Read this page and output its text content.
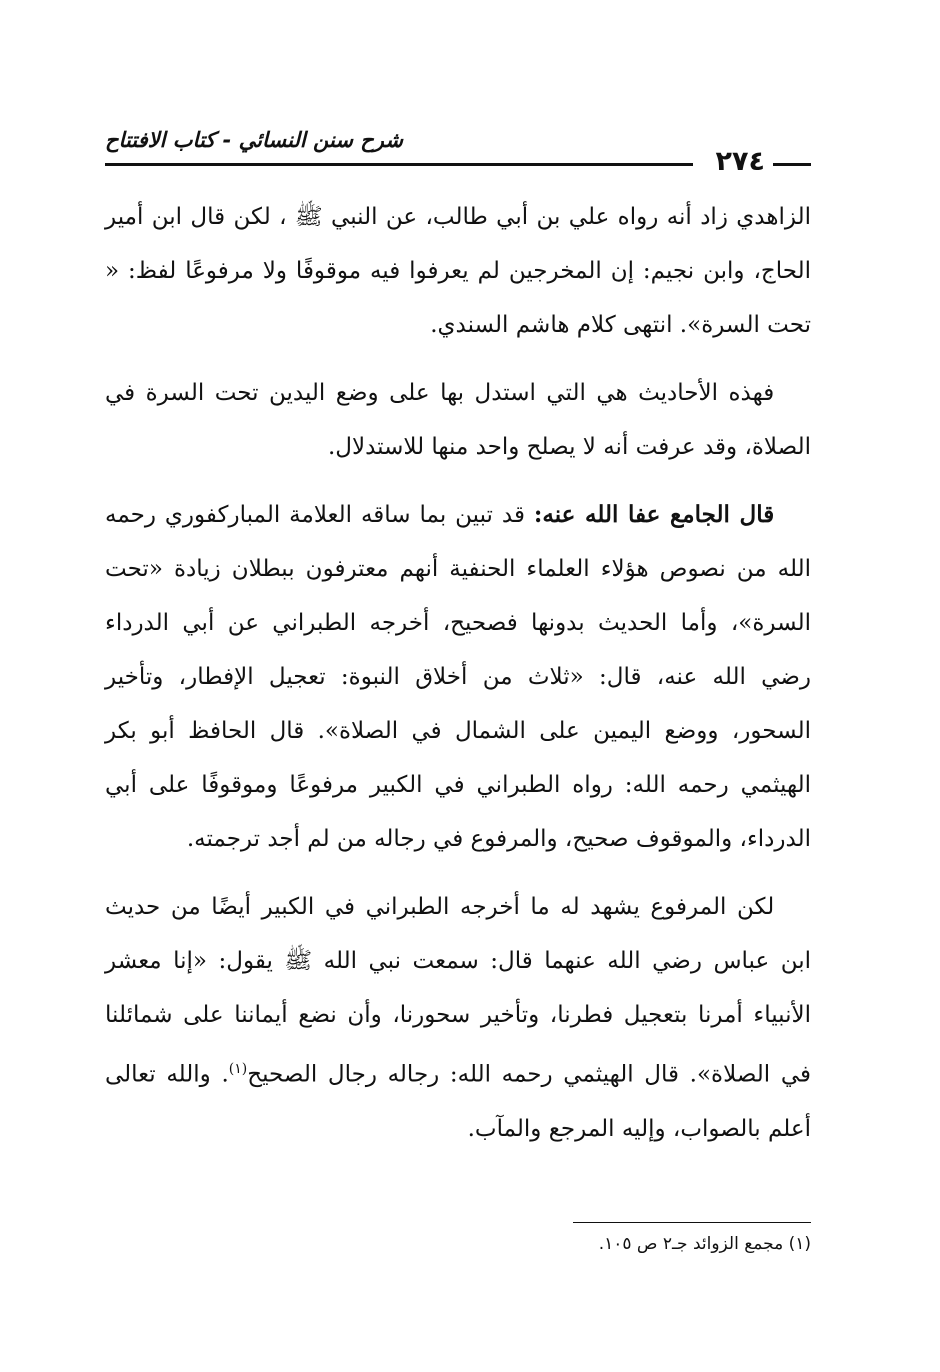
شرح سنن النسائي - كتاب الافتتاح
٢٧٤

الزاهدي زاد أنه رواه علي بن أبي طالب، عن النبي ﷺ ، لكن قال ابن أمير الحاج، وابن نجيم: إن المخرجين لم يعرفوا فيه موقوفًا ولا مرفوعًا لفظ: « تحت السرة». انتهى كلام هاشم السندي.

فهذه الأحاديث هي التي استدل بها على وضع اليدين تحت السرة في الصلاة، وقد عرفت أنه لا يصلح واحد منها للاستدلال.

قال الجامع عفا الله عنه: قد تبين بما ساقه العلامة المباركفوري رحمه الله من نصوص هؤلاء العلماء الحنفية أنهم معترفون ببطلان زيادة «تحت السرة»، وأما الحديث بدونها فصحيح، أخرجه الطبراني عن أبي الدرداء رضي الله عنه، قال: «ثلاث من أخلاق النبوة: تعجيل الإفطار، وتأخير السحور، ووضع اليمين على الشمال في الصلاة». قال الحافظ أبو بكر الهيثمي رحمه الله: رواه الطبراني في الكبير مرفوعًا وموقوفًا على أبي الدرداء، والموقوف صحيح، والمرفوع في رجاله من لم أجد ترجمته.

لكن المرفوع يشهد له ما أخرجه الطبراني في الكبير أيضًا من حديث ابن عباس رضي الله عنهما قال: سمعت نبي الله ﷺ يقول: «إنا معشر الأنبياء أمرنا بتعجيل فطرنا، وتأخير سحورنا، وأن نضع أيماننا على شمائلنا في الصلاة». قال الهيثمي رحمه الله: رجاله رجال الصحيح$^{(١)}$. والله تعالى أعلم بالصواب، وإليه المرجع والمآب.

(١) مجمع الزوائد جـ٢ ص ١٠٥.
